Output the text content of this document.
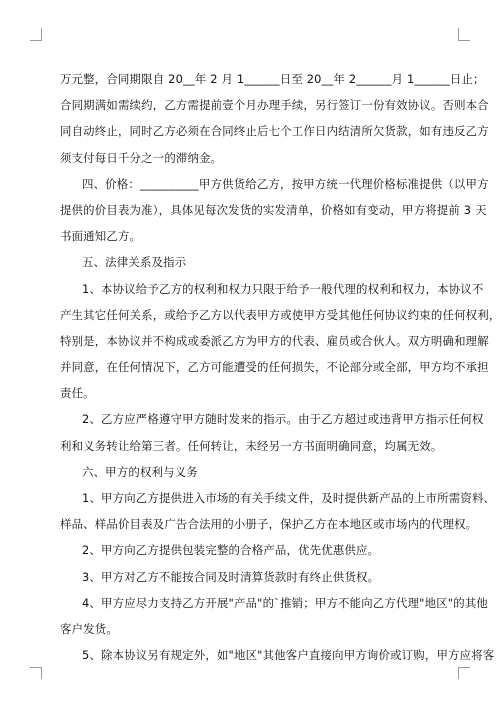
万元整，合同期限自 20__年 2 月 1______日至 20__年 2______月 1______日止；
合同期满如需续约，乙方需提前壹个月办理手续，另行签订一份有效协议。否则本合
同自动终止，同时乙方必须在合同终止后七个工作日内结清所欠货款，如有违反乙方
须支付每日千分之一的滞纳金。
四、价格：__________甲方供货给乙方，按甲方统一代理价格标准提供（以甲方
提供的价目表为准），具体见每次发货的实发清单，价格如有变动，甲方将提前 3 天
书面通知乙方。
五、法律关系及指示
1、本协议给予乙方的权利和权力只限于给予一般代理的权利和权力，本协议不
产生其它任何关系，或给予乙方以代表甲方或使甲方受其他任何协议约束的任何权利，
特别是，本协议并不构成或委派乙方为甲方的代表、雇员或合伙人。双方明确和理解
并同意，在任何情况下，乙方可能遭受的任何损失，不论部分或全部，甲方均不承担
责任。
2、乙方应严格遵守甲方随时发来的指示。由于乙方超过或违背甲方指示任何权
利和义务转让给第三者。任何转让，未经另一方书面明确同意，均属无效。
六、甲方的权利与义务
1、甲方向乙方提供进入市场的有关手续文件，及时提供新产品的上市所需资料、
样品、样品价目表及广告合法用的小册子，保护乙方在本地区或市场内的代理权。
2、甲方向乙方提供包装完整的合格产品，优先优惠供应。
3、甲方对乙方不能按合同及时清算货款时有终止供货权。
4、甲方应尽力支持乙方开展"产品"的`推销；甲方不能向乙方代理"地区"的其他
客户发货。
5、除本协议另有规定外，如"地区"其他客户直接向甲方询价或订购，甲方应将客
